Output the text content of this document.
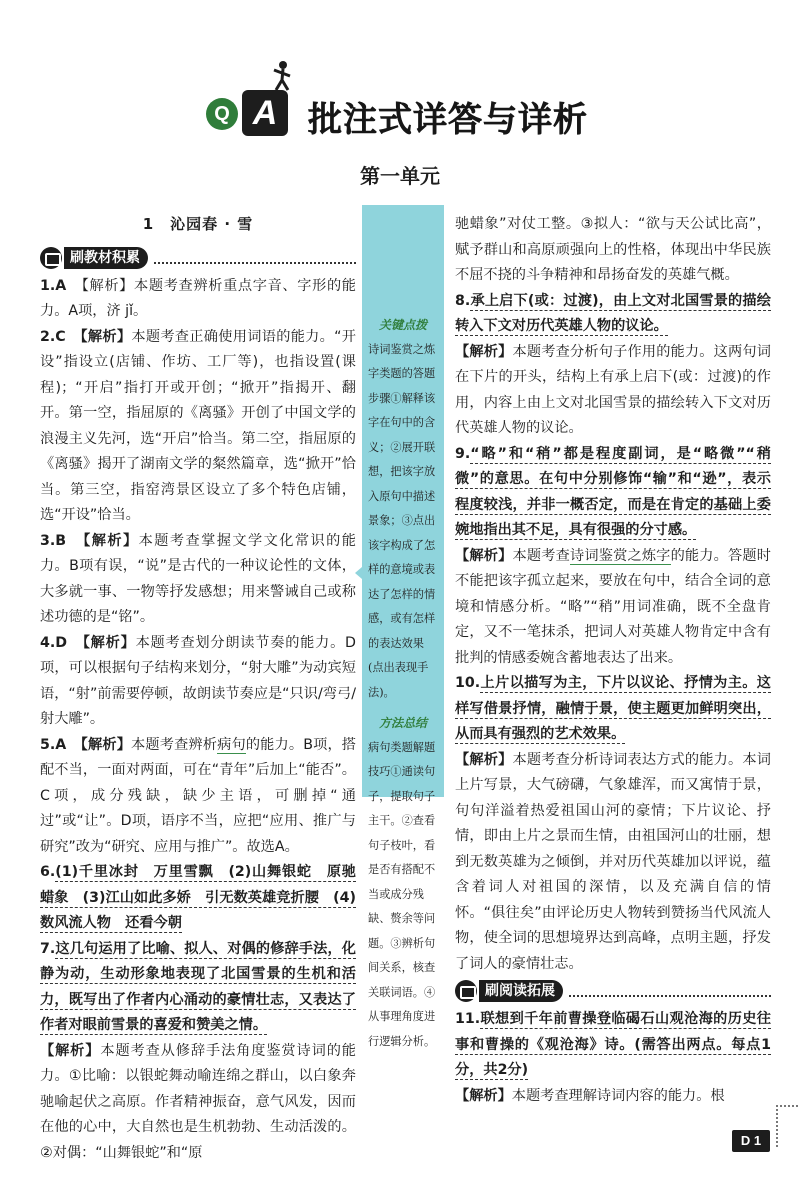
Q A 批注式详答与详析
第一单元
1　沁园春 · 雪
刷教材积累

1.A　 【解析】本题考查辨析重点字音、字形的能力。A项，济 jǐ。

2.C　 【解析】本题考查正确使用词语的能力。“开设”指设立(店铺、作坊、工厂等)，也指设置(课程)；“开启”指打开或开创；“掀开”指揭开、翻开。第一空，指屈原的《离骚》开创了中国文学的浪漫主义先河，选“开启”恰当。第二空，指屈原的《离骚》揭开了湖南文学的粲然篇章，选“掀开”恰当。第三空，指窑湾景区设立了多个特色店铺，选“开设”恰当。

3.B　 【解析】本题考查掌握文学文化常识的能力。B项有误，“说”是古代的一种议论性的文体，大多就一事、一物等抒发感想；用来警诫自己或称述功德的是“铭”。

4.D　 【解析】本题考查划分朗读节奏的能力。D项，可以根据句子结构来划分，“射大雕”为动宾短语，“射”前需要停顿，故朗读节奏应是“只识/弯弓/射大雕”。

5.A　 【解析】本题考查辨析病句的能力。B项，搭配不当，一面对两面，可在“青年”后加上“能否”。C项，成分残缺，缺少主语，可删掉“通过”或“让”。D项，语序不当，应把“应用、推广与研究”改为“研究、应用与推广”。故选A。

6.(1)千里冰封　万里雪飘　(2)山舞银蛇　原驰蜡象　(3)江山如此多娇　引无数英雄竞折腰　(4)数风流人物　还看今朝

7.这几句运用了比喻、拟人、对偶的修辞手法，化静为动，生动形象地表现了北国雪景的生机和活力，既写出了作者内心涌动的豪情壮志，又表达了作者对眼前雪景的喜爱和赞美之情。
【解析】本题考查从修辞手法角度鉴赏诗词的能力。①比喻：以银蛇舞动喻连绵之群山，以白象奔驰喻起伏之高原。作者精神振奋，意气风发，因而在他的心中，大自然也是生机勃勃、生动活泼的。②对偶：“山舞银蛇”和“原

关键点拨
诗词鉴赏之炼字类题的答题步骤①解释该字在句中的含义；②展开联想，把该字放入原句中描述景象；③点出该字构成了怎样的意境或表达了怎样的情感，或有怎样的表达效果(点出表现手法)。
方法总结
病句类题解题技巧①通读句子，提取句子主干。②查看句子枝叶，看是否有搭配不当或成分残缺、赘余等问题。③辨析句间关系，核查关联词语。④从事理角度进行逻辑分析。

驰蜡象”对仗工整。③拟人：“欲与天公试比高”，赋予群山和高原顽强向上的性格，体现出中华民族不屈不挠的斗争精神和昂扬奋发的英雄气概。

8.承上启下(或：过渡)，由上文对北国雪景的描绘转入下文对历代英雄人物的议论。
【解析】本题考查分析句子作用的能力。这两句词在下片的开头，结构上有承上启下(或：过渡)的作用，内容上由上文对北国雪景的描绘转入下文对历代英雄人物的议论。

9.“略”和“稍”都是程度副词，是“略微”“稍微”的意思。在句中分别修饰“输”和“逊”，表示程度较浅，并非一概否定，而是在肯定的基础上委婉地指出其不足，具有很强的分寸感。
【解析】本题考查诗词鉴赏之炼字的能力。答题时不能把该字孤立起来，要放在句中，结合全词的意境和情感分析。“略”“稍”用词准确，既不全盘肯定，又不一笔抹杀，把词人对英雄人物肯定中含有批判的情感委婉含蓄地表达了出来。

10.上片以描写为主，下片以议论、抒情为主。这样写借景抒情，融情于景，使主题更加鲜明突出，从而具有强烈的艺术效果。
【解析】本题考查分析诗词表达方式的能力。本词上片写景，大气磅礴，气象雄浑，而又寓情于景，句句洋溢着热爱祖国山河的豪情；下片议论、抒情，即由上片之景而生情，由祖国河山的壮丽，想到无数英雄为之倾倒，并对历代英雄加以评说，蕴含着词人对祖国的深情，以及充满自信的情怀。“俱往矣”由评论历史人物转到赞扬当代风流人物，使全词的思想境界达到高峰，点明主题，抒发了词人的豪情壮志。

刷阅读拓展

11.联想到千年前曹操登临碣石山观沧海的历史往事和曹操的《观沧海》诗。(需答出两点。每点1分，共2分)
【解析】本题考查理解诗词内容的能力。根

D 1
